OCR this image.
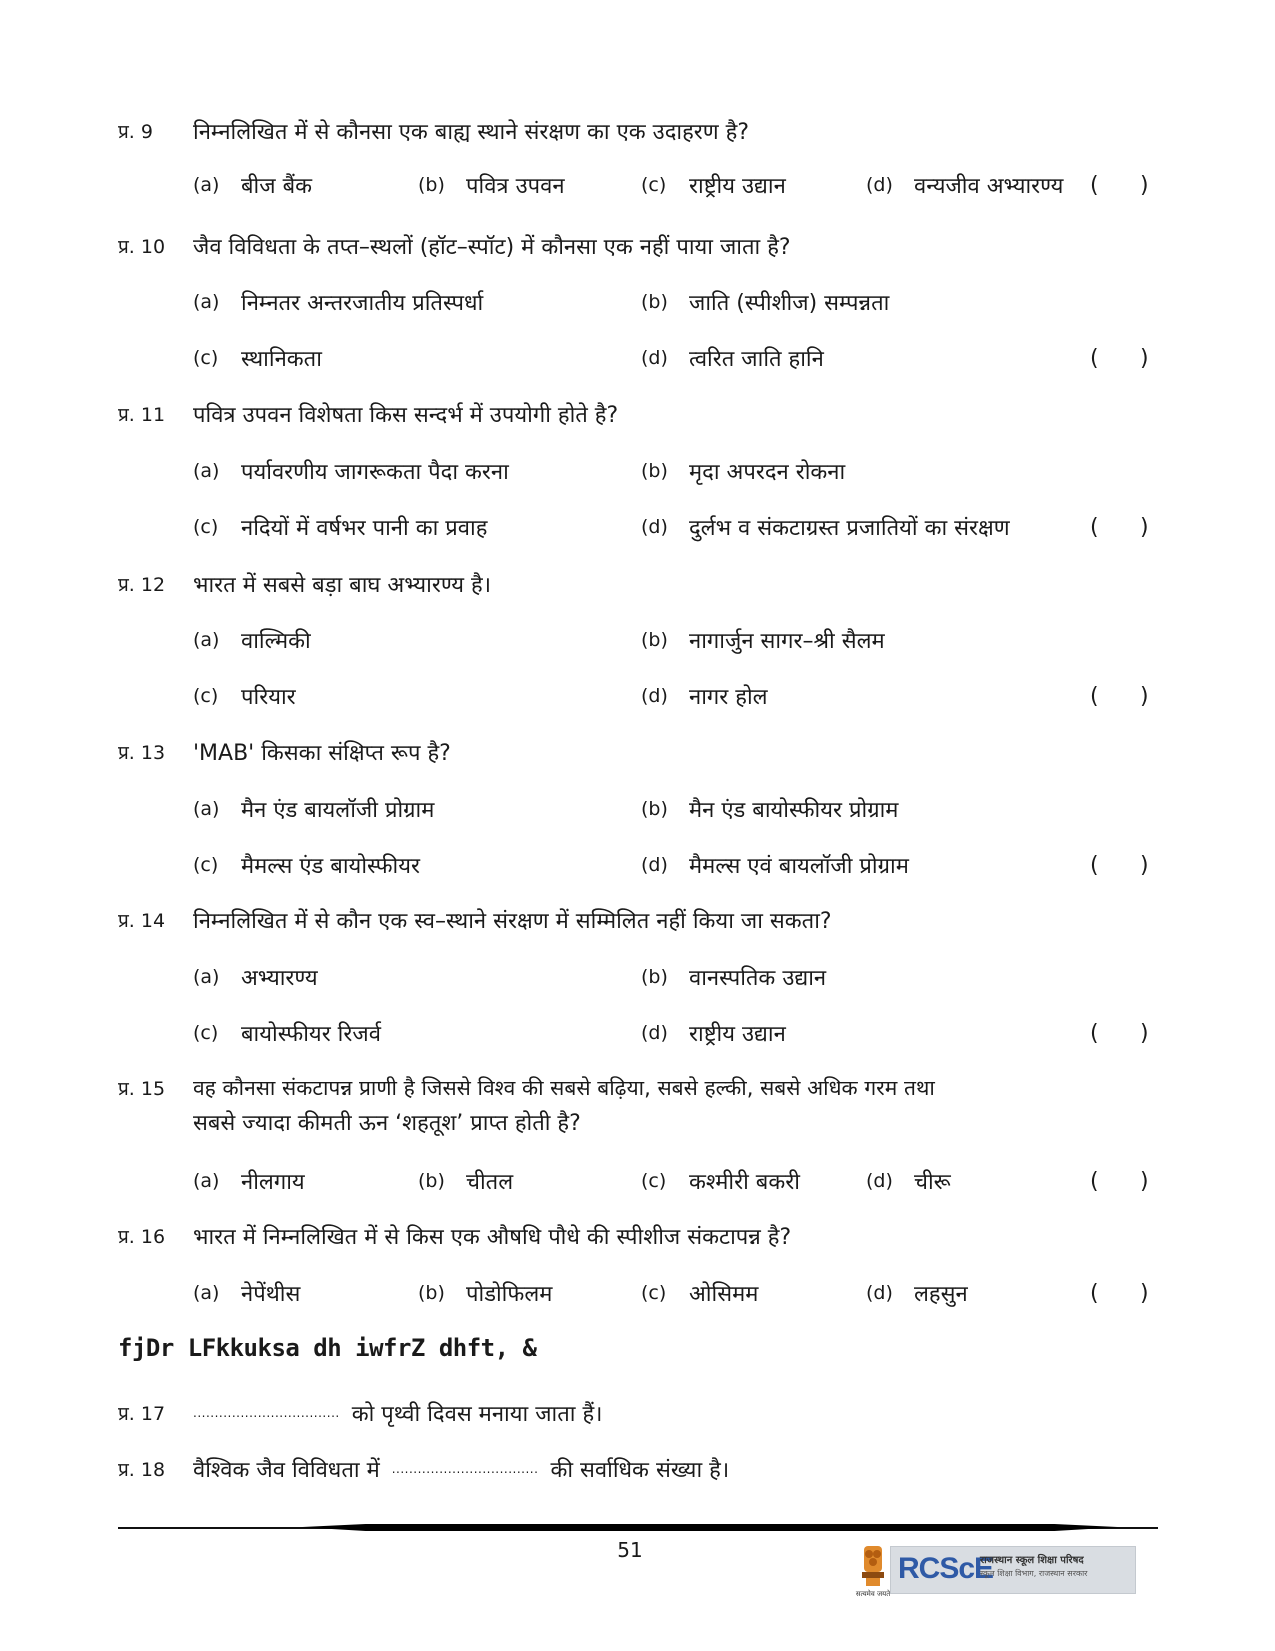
प्र. 9 निम्नलिखित में से कौनसा एक बाह्य स्थाने संरक्षण का एक उदाहरण है?
(a) बीज बैंक	(b) पवित्र उपवन	(c)	राष्ट्रीय उद्यान	(d) वन्यजीव अभ्यारण्य ( )
प्र. 10 जैव विविधता के तप्त–स्थलों (हॉट–स्पॉट) में कौनसा एक नहीं पाया जाता है?
(a) निम्नतर अन्तरजातीय प्रतिस्पर्धा	(b) जाति (स्पीशीज) सम्पन्नता
(c)	स्थानिकता	(d) त्वरित जाति हानि	( )
प्र. 11 पवित्र उपवन विशेषता किस सन्दर्भ में उपयोगी होते है?
(a) पर्यावरणीय जागरूकता पैदा करना	(b) मृदा अपरदन रोकना
(c)	नदियों में वर्षभर पानी का प्रवाह	(d) दुर्लभ व संकटाग्रस्त प्रजातियों का संरक्षण	( )
प्र. 12 भारत में सबसे बड़ा बाघ अभ्यारण्य है।
(a) वाल्मिकी	(b) नागार्जुन सागर–श्री सैलम
(c)	परियार	(d) नागर होल	( )
प्र. 13 'MAB' किसका संक्षिप्त रूप है?
(a) मैन एंड बायलॉजी प्रोग्राम	(b) मैन एंड बायोस्फीयर प्रोग्राम
(c)	मैमल्स एंड बायोस्फीयर	(d) मैमल्स एवं बायलॉजी प्रोग्राम	( )
प्र. 14 निम्नलिखित में से कौन एक स्व–स्थाने संरक्षण में सम्मिलित नहीं किया जा सकता?
(a) अभ्यारण्य	(b) वानस्पतिक उद्यान
(c)	बायोस्फीयर रिजर्व	(d) राष्ट्रीय उद्यान	( )
प्र. 15 वह कौनसा संकटापन्न प्राणी है जिससे विश्व की सबसे बढ़िया, सबसे हल्की, सबसे अधिक गरम तथा
सबसे ज्यादा कीमती ऊन ‘शहतूश’ प्राप्त होती है?
(a) नीलगाय	(b) चीतल	(c)	कश्मीरी बकरी	(d) चीरू	( )
प्र. 16 भारत में निम्नलिखित में से किस एक औषधि पौधे की स्पीशीज संकटापन्न है?
(a) नेपेंथीस	(b) पोडोफिलम	(c)	ओसिमम	(d) लहसुन	( )
fjDr LFkkuksa dh iwfrZ dhft, &
प्र. 17 .................................. को पृथ्वी दिवस मनाया जाता हैं।
प्र. 18 वैश्विक जैव विविधता में .................................. की सर्वाधिक संख्या है।
51
सत्यमेव जयते
RCScE
राजस्थान स्कूल शिक्षा परिषद
स्कूल शिक्षा विभाग, राजस्थान सरकार
